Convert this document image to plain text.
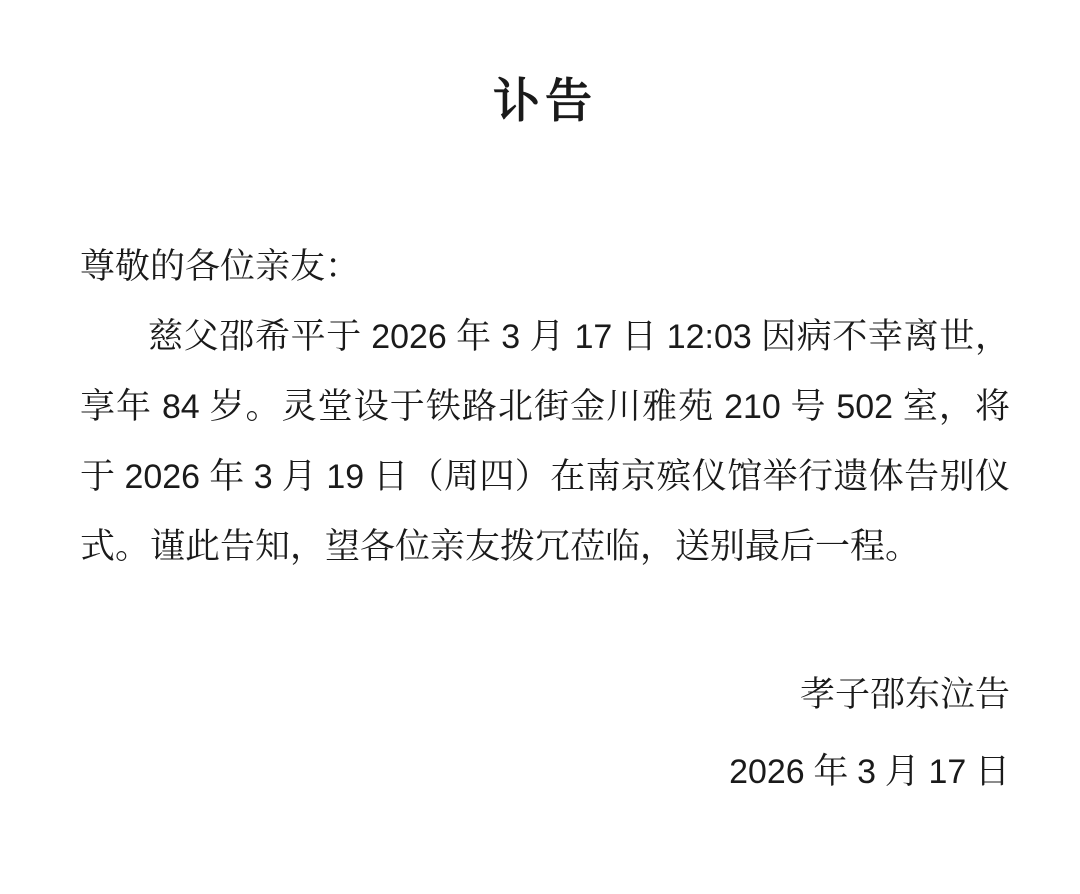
讣告

尊敬的各位亲友：

慈父邵希平于 2026 年 3 月 17 日 12:03 因病不幸离世，
享年 84 岁。灵堂设于铁路北街金川雅苑 210 号 502 室，将
于 2026 年 3 月 19 日（周四）在南京殡仪馆举行遗体告别仪
式。谨此告知，望各位亲友拨冗莅临，送别最后一程。

孝子邵东泣告

2026 年 3 月 17 日
